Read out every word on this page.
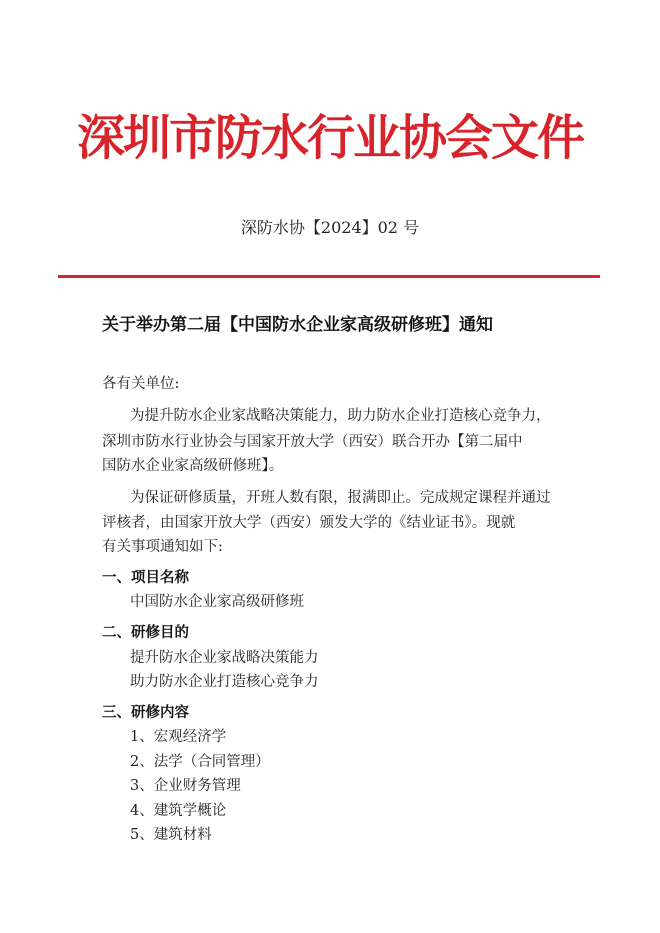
深圳市防水行业协会文件
深防水协【2024】02 号
关于举办第二届【中国防水企业家高级研修班】通知
各有关单位:
为提升防水企业家战略决策能力，助力防水企业打造核心竞争力，
深圳市防水行业协会与国家开放大学（西安）联合开办【第二届中
国防水企业家高级研修班】。
为保证研修质量，开班人数有限，报满即止。完成规定课程并通过
评核者，由国家开放大学（西安）颁发大学的《结业证书》。现就
有关事项通知如下:
一、项目名称
中国防水企业家高级研修班
二、研修目的
提升防水企业家战略决策能力
助力防水企业打造核心竞争力
三、研修内容
1、宏观经济学
2、法学（合同管理）
3、企业财务管理
4、建筑学概论
5、建筑材料
